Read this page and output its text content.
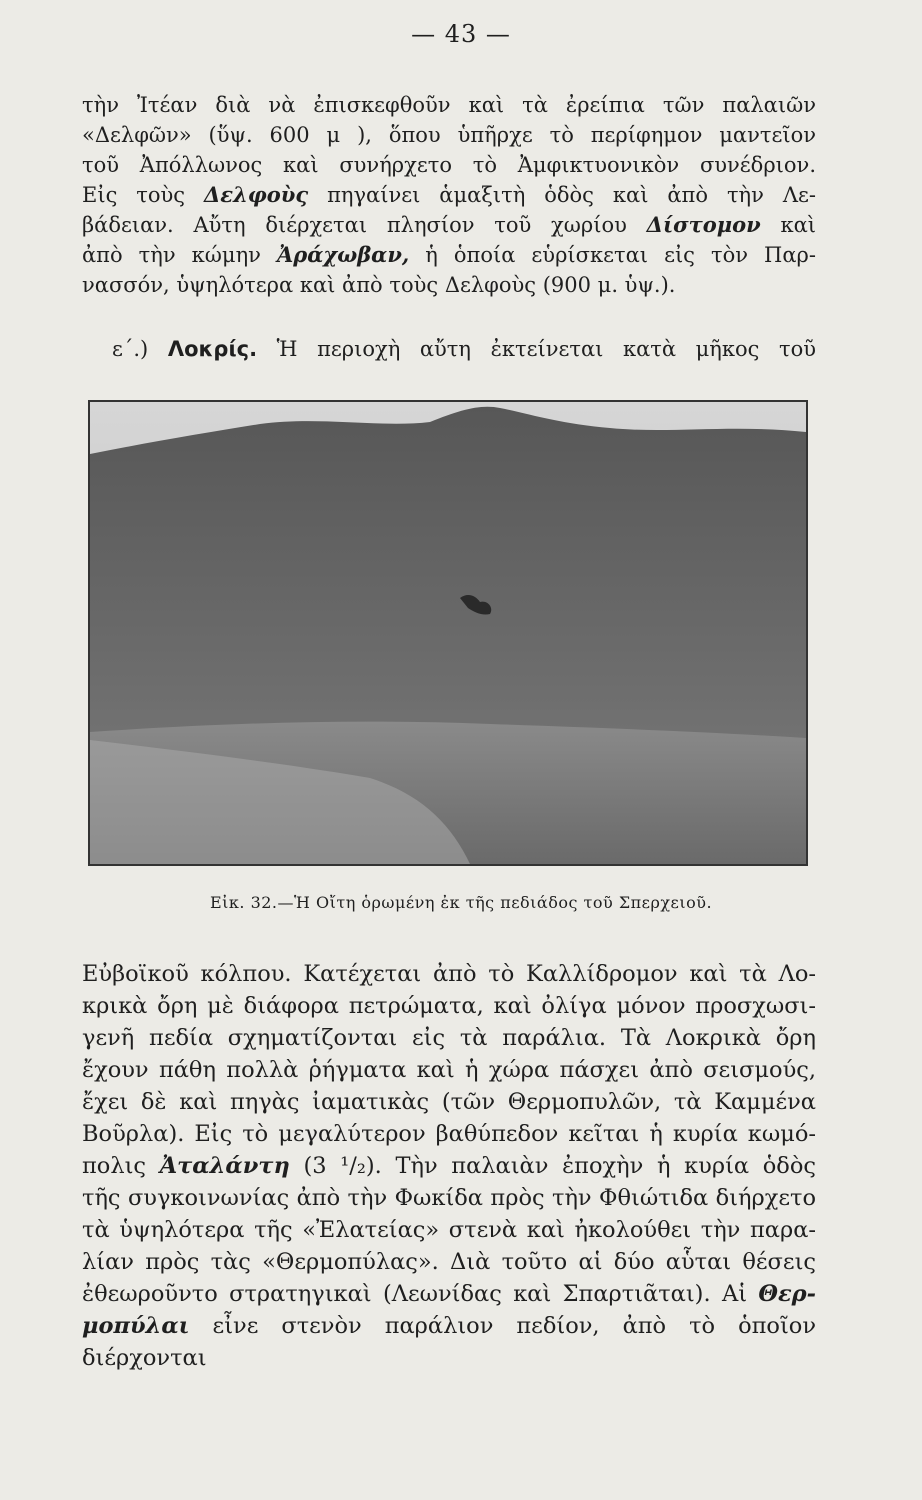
— 43 —
τὴν Ἰτέαν διὰ νὰ ἐπισκεφθοῦν καὶ τὰ ἐρείπια τῶν παλαιῶν
«Δελφῶν» (ὕψ. 600 μ ), ὅπου ὑπῆρχε τὸ περίφημον μαντεῖον
τοῦ Ἀπόλλωνος καὶ συνήρχετο τὸ Ἀμφικτυονικὸν συνέδριον.
Εἰς τοὺς Δελφοὺς πηγαίνει ἁμαξιτὴ ὁδὸς καὶ ἀπὸ τὴν Λε-
βάδειαν. Αὔτη διέρχεται πλησίον τοῦ χωρίου Δίστομον καὶ
ἀπὸ τὴν κώμην Ἀράχωβαν, ἡ ὁποία εὑρίσκεται εἰς τὸν Παρ-
νασσόν, ὑψηλότερα καὶ ἀπὸ τοὺς Δελφοὺς (900 μ. ὑψ.).
ε΄.) Λοκρίς. Ἡ περιοχὴ αὔτη ἐκτείνεται κατὰ μῆκος τοῦ
Εἰκ. 32.—Ἡ Οἴτη ὁρωμένη ἐκ τῆς πεδιάδος τοῦ Σπερχειοῦ.
Εὐβοϊκοῦ κόλπου. Κατέχεται ἀπὸ τὸ Καλλίδρομον καὶ τὰ Λο-
κρικὰ ὄρη μὲ διάφορα πετρώματα, καὶ ὀλίγα μόνον προσχωσι-
γενῆ πεδία σχηματίζονται εἰς τὰ παράλια. Τὰ Λοκρικὰ ὄρη
ἔχουν πάθη πολλὰ ῥήγματα καὶ ἡ χώρα πάσχει ἀπὸ σεισμούς,
ἔχει δὲ καὶ πηγὰς ἰαματικὰς (τῶν Θερμοπυλῶν, τὰ Καμμένα
Βοῦρλα). Εἰς τὸ μεγαλύτερον βαθύπεδον κεῖται ἡ κυρία κωμό-
πολις Ἀταλάντη (3 ¹/₂). Τὴν παλαιὰν ἐποχὴν ἡ κυρία ὁδὸς
τῆς συγκοινωνίας ἀπὸ τὴν Φωκίδα πρὸς τὴν Φθιώτιδα διήρχετο
τὰ ὑψηλότερα τῆς «Ἐλατείας» στενὰ καὶ ἠκολούθει τὴν παρα-
λίαν πρὸς τὰς «Θερμοπύλας». Διὰ τοῦτο αἱ δύο αὗται θέσεις
ἐθεωροῦντο στρατηγικαὶ (Λεωνίδας καὶ Σπαρτιᾶται). Αἱ Θερ-
μοπύλαι εἶνε στενὸν παράλιον πεδίον, ἀπὸ τὸ ὁποῖον διέρχονται
